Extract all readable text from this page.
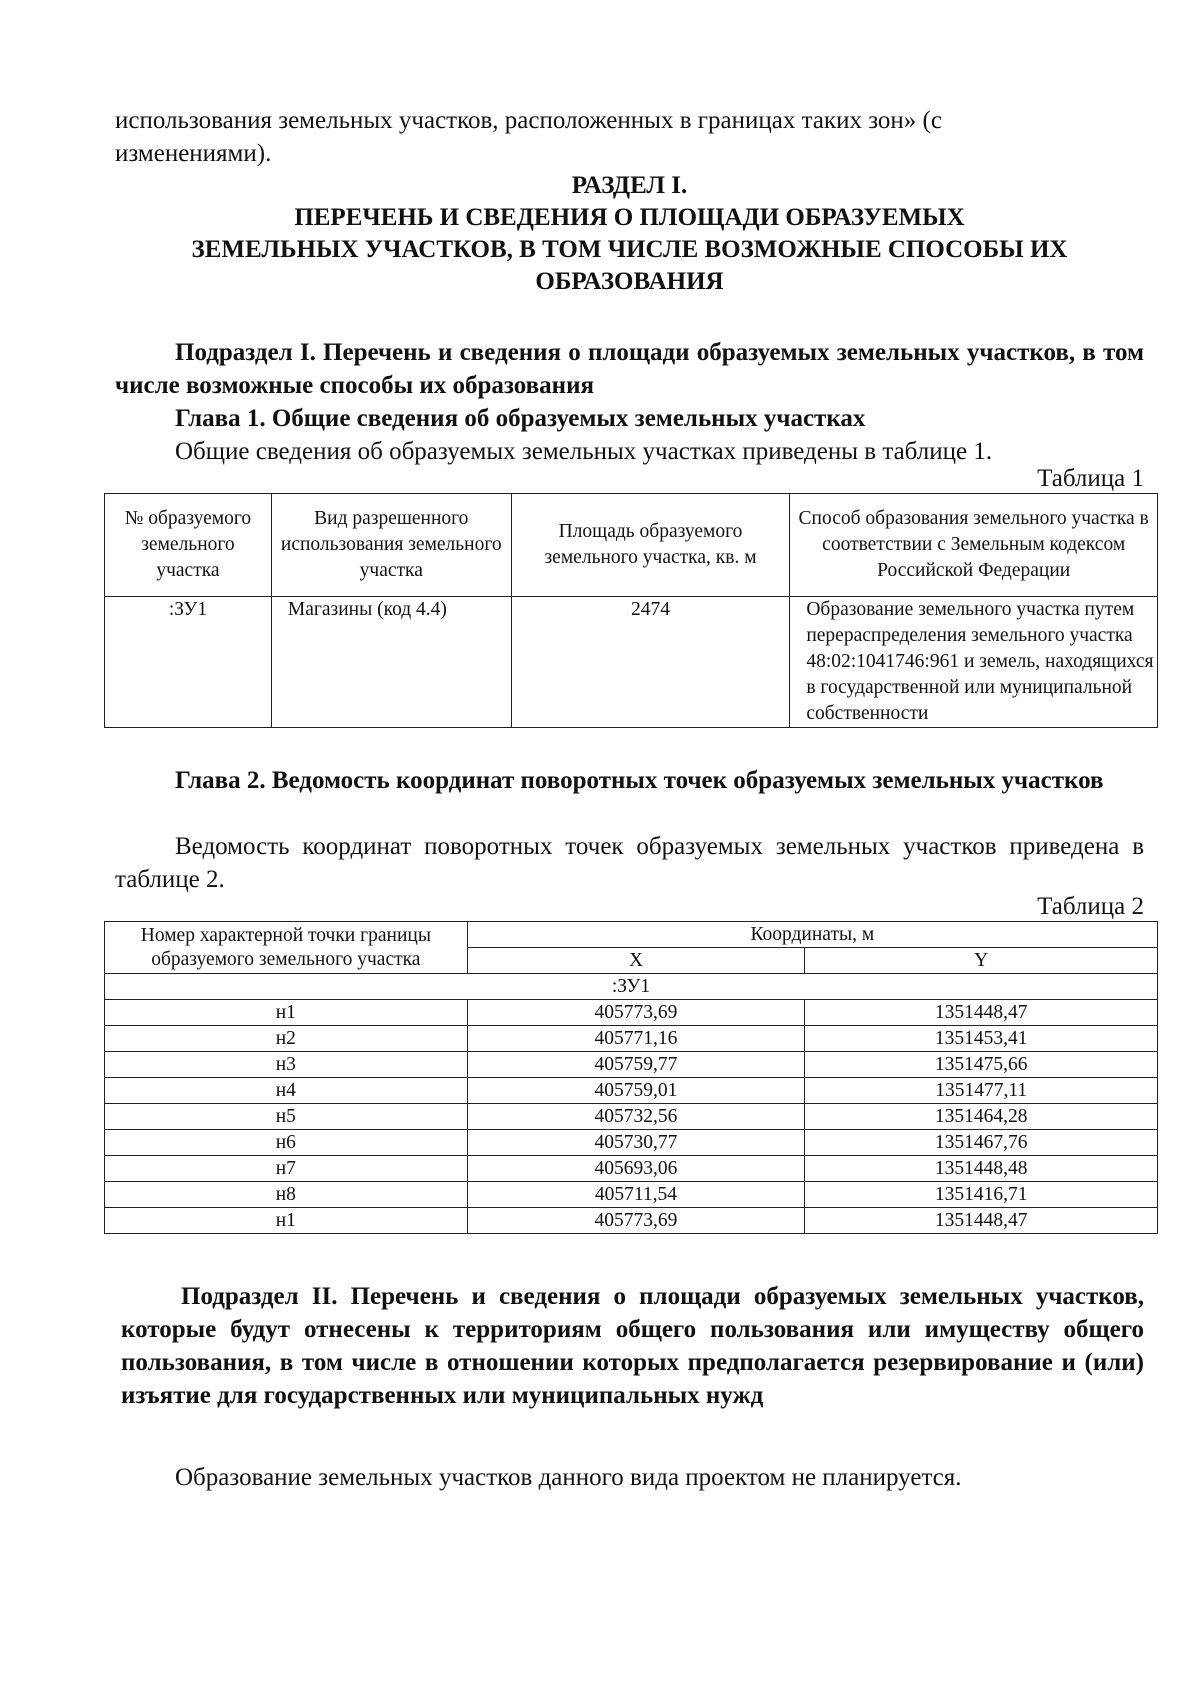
использования земельных участков, расположенных в границах таких зон» (с
изменениями).
РАЗДЕЛ I.
ПЕРЕЧЕНЬ И СВЕДЕНИЯ О ПЛОЩАДИ ОБРАЗУЕМЫХ
ЗЕМЕЛЬНЫХ УЧАСТКОВ, В ТОМ ЧИСЛЕ ВОЗМОЖНЫЕ СПОСОБЫ ИХ
ОБРАЗОВАНИЯ
Подраздел I. Перечень и сведения о площади образуемых земельных участков, в том числе возможные способы их образования
Глава 1. Общие сведения об образуемых земельных участках
Общие сведения об образуемых земельных участках приведены в таблице 1.
Таблица 1
№ образуемого земельного участка	Вид разрешенного использования земельного участка	Площадь образуемого земельного участка, кв. м	Способ образования земельного участка в соответствии с Земельным кодексом Российской Федерации
:ЗУ1	Магазины (код 4.4)	2474	Образование земельного участка путем перераспределения земельного участка 48:02:1041746:961 и земель, находящихся в государственной или муниципальной собственности
Глава 2. Ведомость координат поворотных точек образуемых земельных участков
Ведомость координат поворотных точек образуемых земельных участков приведена в таблице 2.
Таблица 2
Номер характерной точки границы образуемого земельного участка	Координаты, м	
	X	Y
:ЗУ1		
н1	405773,69	1351448,47
н2	405771,16	1351453,41
н3	405759,77	1351475,66
н4	405759,01	1351477,11
н5	405732,56	1351464,28
н6	405730,77	1351467,76
н7	405693,06	1351448,48
н8	405711,54	1351416,71
н1	405773,69	1351448,47
Подраздел II. Перечень и сведения о площади образуемых земельных участков, которые будут отнесены к территориям общего пользования или имуществу общего пользования, в том числе в отношении которых предполагается резервирование и (или) изъятие для государственных или муниципальных нужд
Образование земельных участков данного вида проектом не планируется.
